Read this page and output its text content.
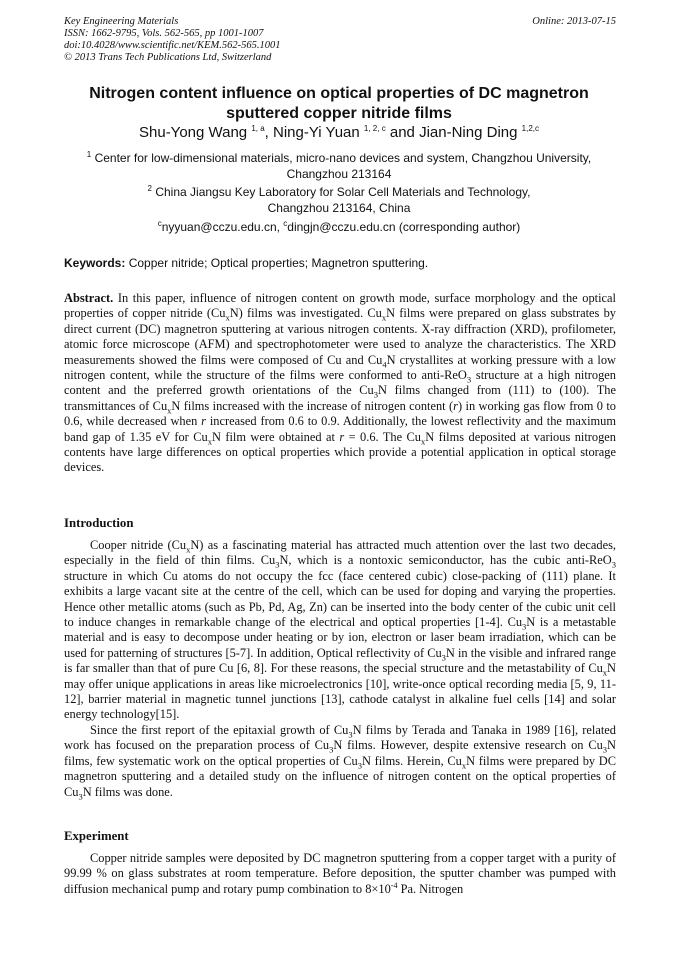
Key Engineering Materials
ISSN: 1662-9795, Vols. 562-565, pp 1001-1007
doi:10.4028/www.scientific.net/KEM.562-565.1001
© 2013 Trans Tech Publications Ltd, Switzerland
Online: 2013-07-15
Nitrogen content influence on optical properties of DC magnetron
sputtered copper nitride films
Shu-Yong Wang $^{1, a}$, Ning-Yi Yuan $^{1, 2, c}$ and Jian-Ning Ding $^{1,2,c}$
$^1$ Center for low-dimensional materials, micro-nano devices and system, Changzhou University,
Changzhou 213164
$^2$ China Jiangsu Key Laboratory for Solar Cell Materials and Technology,
Changzhou 213164, China
$^c$nyyuan@cczu.edu.cn, $^c$dingjn@cczu.edu.cn (corresponding author)
Keywords: Copper nitride; Optical properties; Magnetron sputtering.

Abstract. In this paper, influence of nitrogen content on growth mode, surface morphology and the optical properties of copper nitride $(Cu_xN)$ films was investigated. $Cu_xN$ films were prepared on glass substrates by direct current (DC) magnetron sputtering at various nitrogen contents. X-ray diffraction (XRD), profilometer, atomic force microscope (AFM) and spectrophotometer were used to analyze the characteristics. The XRD measurements showed the films were composed of Cu and $Cu_4N$ crystallites at working pressure with a low nitrogen content, while the structure of the films were conformed to anti-ReO$_3$ structure at a high nitrogen content and the preferred growth orientations of the $Cu_3N$ films changed from (111) to (100). The transmittances of $Cu_xN$ films increased with the increase of nitrogen content (r) in working gas flow from 0 to 0.6, while decreased when r increased from 0.6 to 0.9. Additionally, the lowest reflectivity and the maximum band gap of 1.35 eV for $Cu_xN$ film were obtained at r = 0.6. The $Cu_xN$ films deposited at various nitrogen contents have large differences on optical properties which provide a potential application in optical storage devices.

Introduction

Cooper nitride $(Cu_xN)$ as a fascinating material has attracted much attention over the last two decades, especially in the field of thin films. $Cu_3N$, which is a nontoxic semiconductor, has the cubic anti-ReO$_3$ structure in which Cu atoms do not occupy the fcc (face centered cubic) close-packing of (111) plane. It exhibits a large vacant site at the centre of the cell, which can be used for doping and varying the properties. Hence other metallic atoms (such as Pb, Pd, Ag, Zn) can be inserted into the body center of the cubic unit cell to induce changes in remarkable change of the electrical and optical properties [1-4]. $Cu_3N$ is a metastable material and is easy to decompose under heating or by ion, electron or laser beam irradiation, which can be used for patterning of structures [5-7]. In addition, Optical reflectivity of $Cu_3N$ in the visible and infrared range is far smaller than that of pure Cu [6, 8]. For these reasons, the special structure and the metastability of $Cu_xN$ may offer unique applications in areas like microelectronics [10], write-once optical recording media [5, 9, 11-12], barrier material in magnetic tunnel junctions [13], cathode catalyst in alkaline fuel cells [14] and solar energy technology[15].

Since the first report of the epitaxial growth of $Cu_3N$ films by Terada and Tanaka in 1989 [16], related work has focused on the preparation process of $Cu_3N$ films. However, despite extensive research on $Cu_3N$ films, few systematic work on the optical properties of $Cu_3N$ films. Herein, $Cu_xN$ films were prepared by DC magnetron sputtering and a detailed study on the influence of nitrogen content on the optical properties of $Cu_3N$ films was done.

Experiment

Copper nitride samples were deposited by DC magnetron sputtering from a copper target with a purity of 99.99 % on glass substrates at room temperature. Before deposition, the sputter chamber was pumped with diffusion mechanical pump and rotary pump combination to $8\times 10^{-4}$ Pa. Nitrogen
